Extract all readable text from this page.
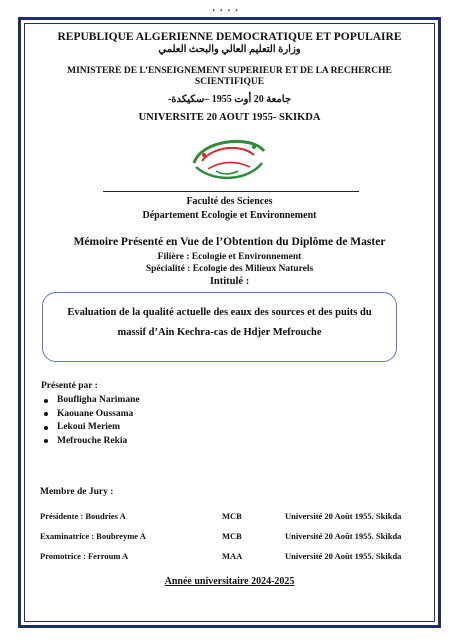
▪ ▪ ▪ ▪
REPUBLIQUE ALGERIENNE DEMOCRATIQUE ET POPULAIRE
وزارة التعليم العالي والبحث العلمي
MINISTERE DE L’ENSEIGNEMENT SUPERIEUR ET DE LA RECHERCHE SCIENTIFIQUE
جامعة 20 أوت 1955 –سكيكدة-
UNIVERSITE 20 AOUT 1955- SKIKDA
Faculté des Sciences
Département Ecologie et Environnement
Mémoire Présenté en Vue de l’Obtention du Diplôme de Master
Filière : Ecologie et Environnement
Spécialité : Ecologie des Milieux Naturels
Intitulé :
Evaluation de la qualité actuelle des eaux des sources et des puits du massif d’Ain Kechra-cas de Hdjer Mefrouche
Présenté par :
Boufligha Narimane
Kaouane Oussama
Lekoui Meriem
Mefrouche Rekia
Membre de Jury :
Présidente : Boudries A	MCB	Université 20 Août 1955. Skikda
Examinatrice : Boubreyme A	MCB	Université 20 Août 1955. Skikda
Promotrice : Ferroum A	MAA	Université 20 Août 1955. Skikda
Année universitaire 2024-2025
